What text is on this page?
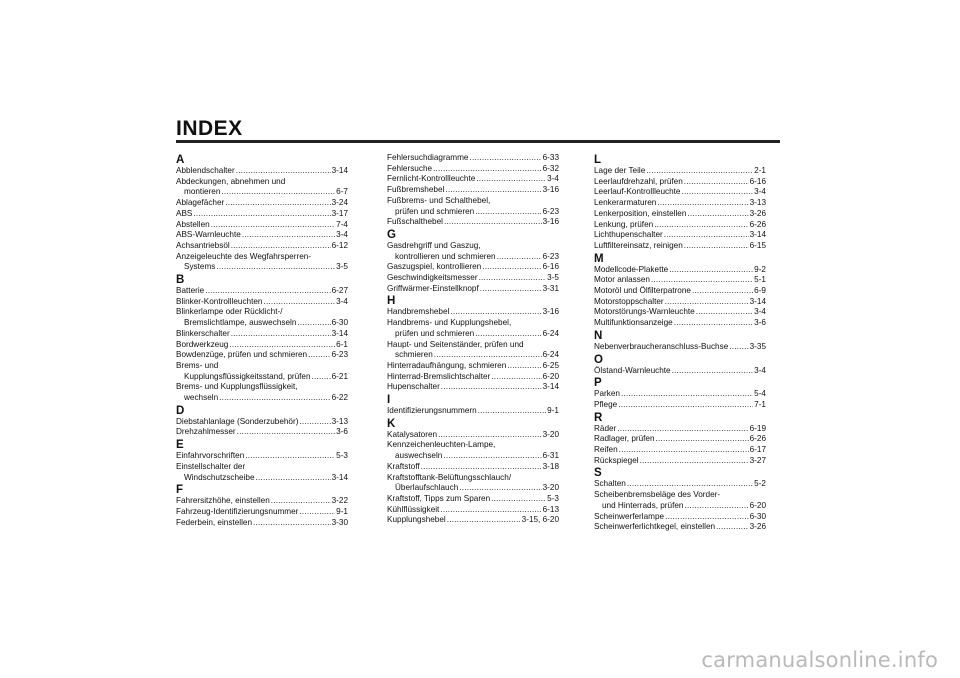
INDEX
A
Abblendschalter .....	3-14
Abdeckungen, abnehmen und
montieren .....	6-7
Ablagefächer .....	3-24
ABS .....	3-17
Abstellen .....	7-4
ABS-Warnleuchte .....	3-4
Achsantriebsöl .....	6-12
Anzeigeleuchte des Wegfahrsperren-
Systems .....	3-5
B
Batterie .....	6-27
Blinker-Kontrollleuchten .....	3-4
Blinkerlampe oder Rücklicht-/
Bremslichtlampe, auswechseln .....	6-30
Blinkerschalter .....	3-14
Bordwerkzeug .....	6-1
Bowdenzüge, prüfen und schmieren .....	6-23
Brems- und
Kupplungsflüssigkeitsstand, prüfen .....	6-21
Brems- und Kupplungsflüssigkeit,
wechseln .....	6-22
D
Diebstahlanlage (Sonderzubehör) .....	3-13
Drehzahlmesser .....	3-6
E
Einfahrvorschriften .....	5-3
Einstellschalter der
Windschutzscheibe .....	3-14
F
Fahrersitzhöhe, einstellen .....	3-22
Fahrzeug-Identifizierungsnummer .....	9-1
Federbein, einstellen .....	3-30
Fehlersuchdiagramme .....	6-33
Fehlersuche .....	6-32
Fernlicht-Kontrollleuchte .....	3-4
Fußbremshebel .....	3-16
Fußbrems- und Schalthebel,
prüfen und schmieren .....	6-23
Fußschalthebel .....	3-16
G
Gasdrehgriff und Gaszug,
kontrollieren und schmieren .....	6-23
Gaszugspiel, kontrollieren .....	6-16
Geschwindigkeitsmesser .....	3-5
Griffwärmer-Einstellknopf .....	3-31
H
Handbremshebel .....	3-16
Handbrems- und Kupplungshebel,
prüfen und schmieren .....	6-24
Haupt- und Seitenständer, prüfen und
schmieren .....	6-24
Hinterradaufhängung, schmieren .....	6-25
Hinterrad-Bremslichtschalter .....	6-20
Hupenschalter .....	3-14
I
Identifizierungsnummern .....	9-1
K
Katalysatoren .....	3-20
Kennzeichenleuchten-Lampe,
auswechseln .....	6-31
Kraftstoff .....	3-18
Kraftstofftank-Belüftungsschlauch/
Überlaufschlauch .....	3-20
Kraftstoff, Tipps zum Sparen .....	5-3
Kühlflüssigkeit .....	6-13
Kupplungshebel .....	3-15, 6-20
L
Lage der Teile .....	2-1
Leerlaufdrehzahl, prüfen .....	6-16
Leerlauf-Kontrollleuchte .....	3-4
Lenkerarmaturen .....	3-13
Lenkerposition, einstellen .....	3-26
Lenkung, prüfen .....	6-26
Lichthupenschalter .....	3-14
Luftfiltereinsatz, reinigen .....	6-15
M
Modellcode-Plakette .....	9-2
Motor anlassen .....	5-1
Motoröl und Ölfilterpatrone .....	6-9
Motorstoppschalter .....	3-14
Motorstörungs-Warnleuchte .....	3-4
Multifunktionsanzeige .....	3-6
N
Nebenverbraucheranschluss-Buchse .....	3-35
O
Ölstand-Warnleuchte .....	3-4
P
Parken .....	5-4
Pflege .....	7-1
R
Räder .....	6-19
Radlager, prüfen .....	6-26
Reifen .....	6-17
Rückspiegel .....	3-27
S
Schalten .....	5-2
Scheibenbremsbeläge des Vorder-
und Hinterrads, prüfen .....	6-20
Scheinwerferlampe .....	6-30
Scheinwerferlichtkegel, einstellen .....	3-26
carmanualsonline.info
